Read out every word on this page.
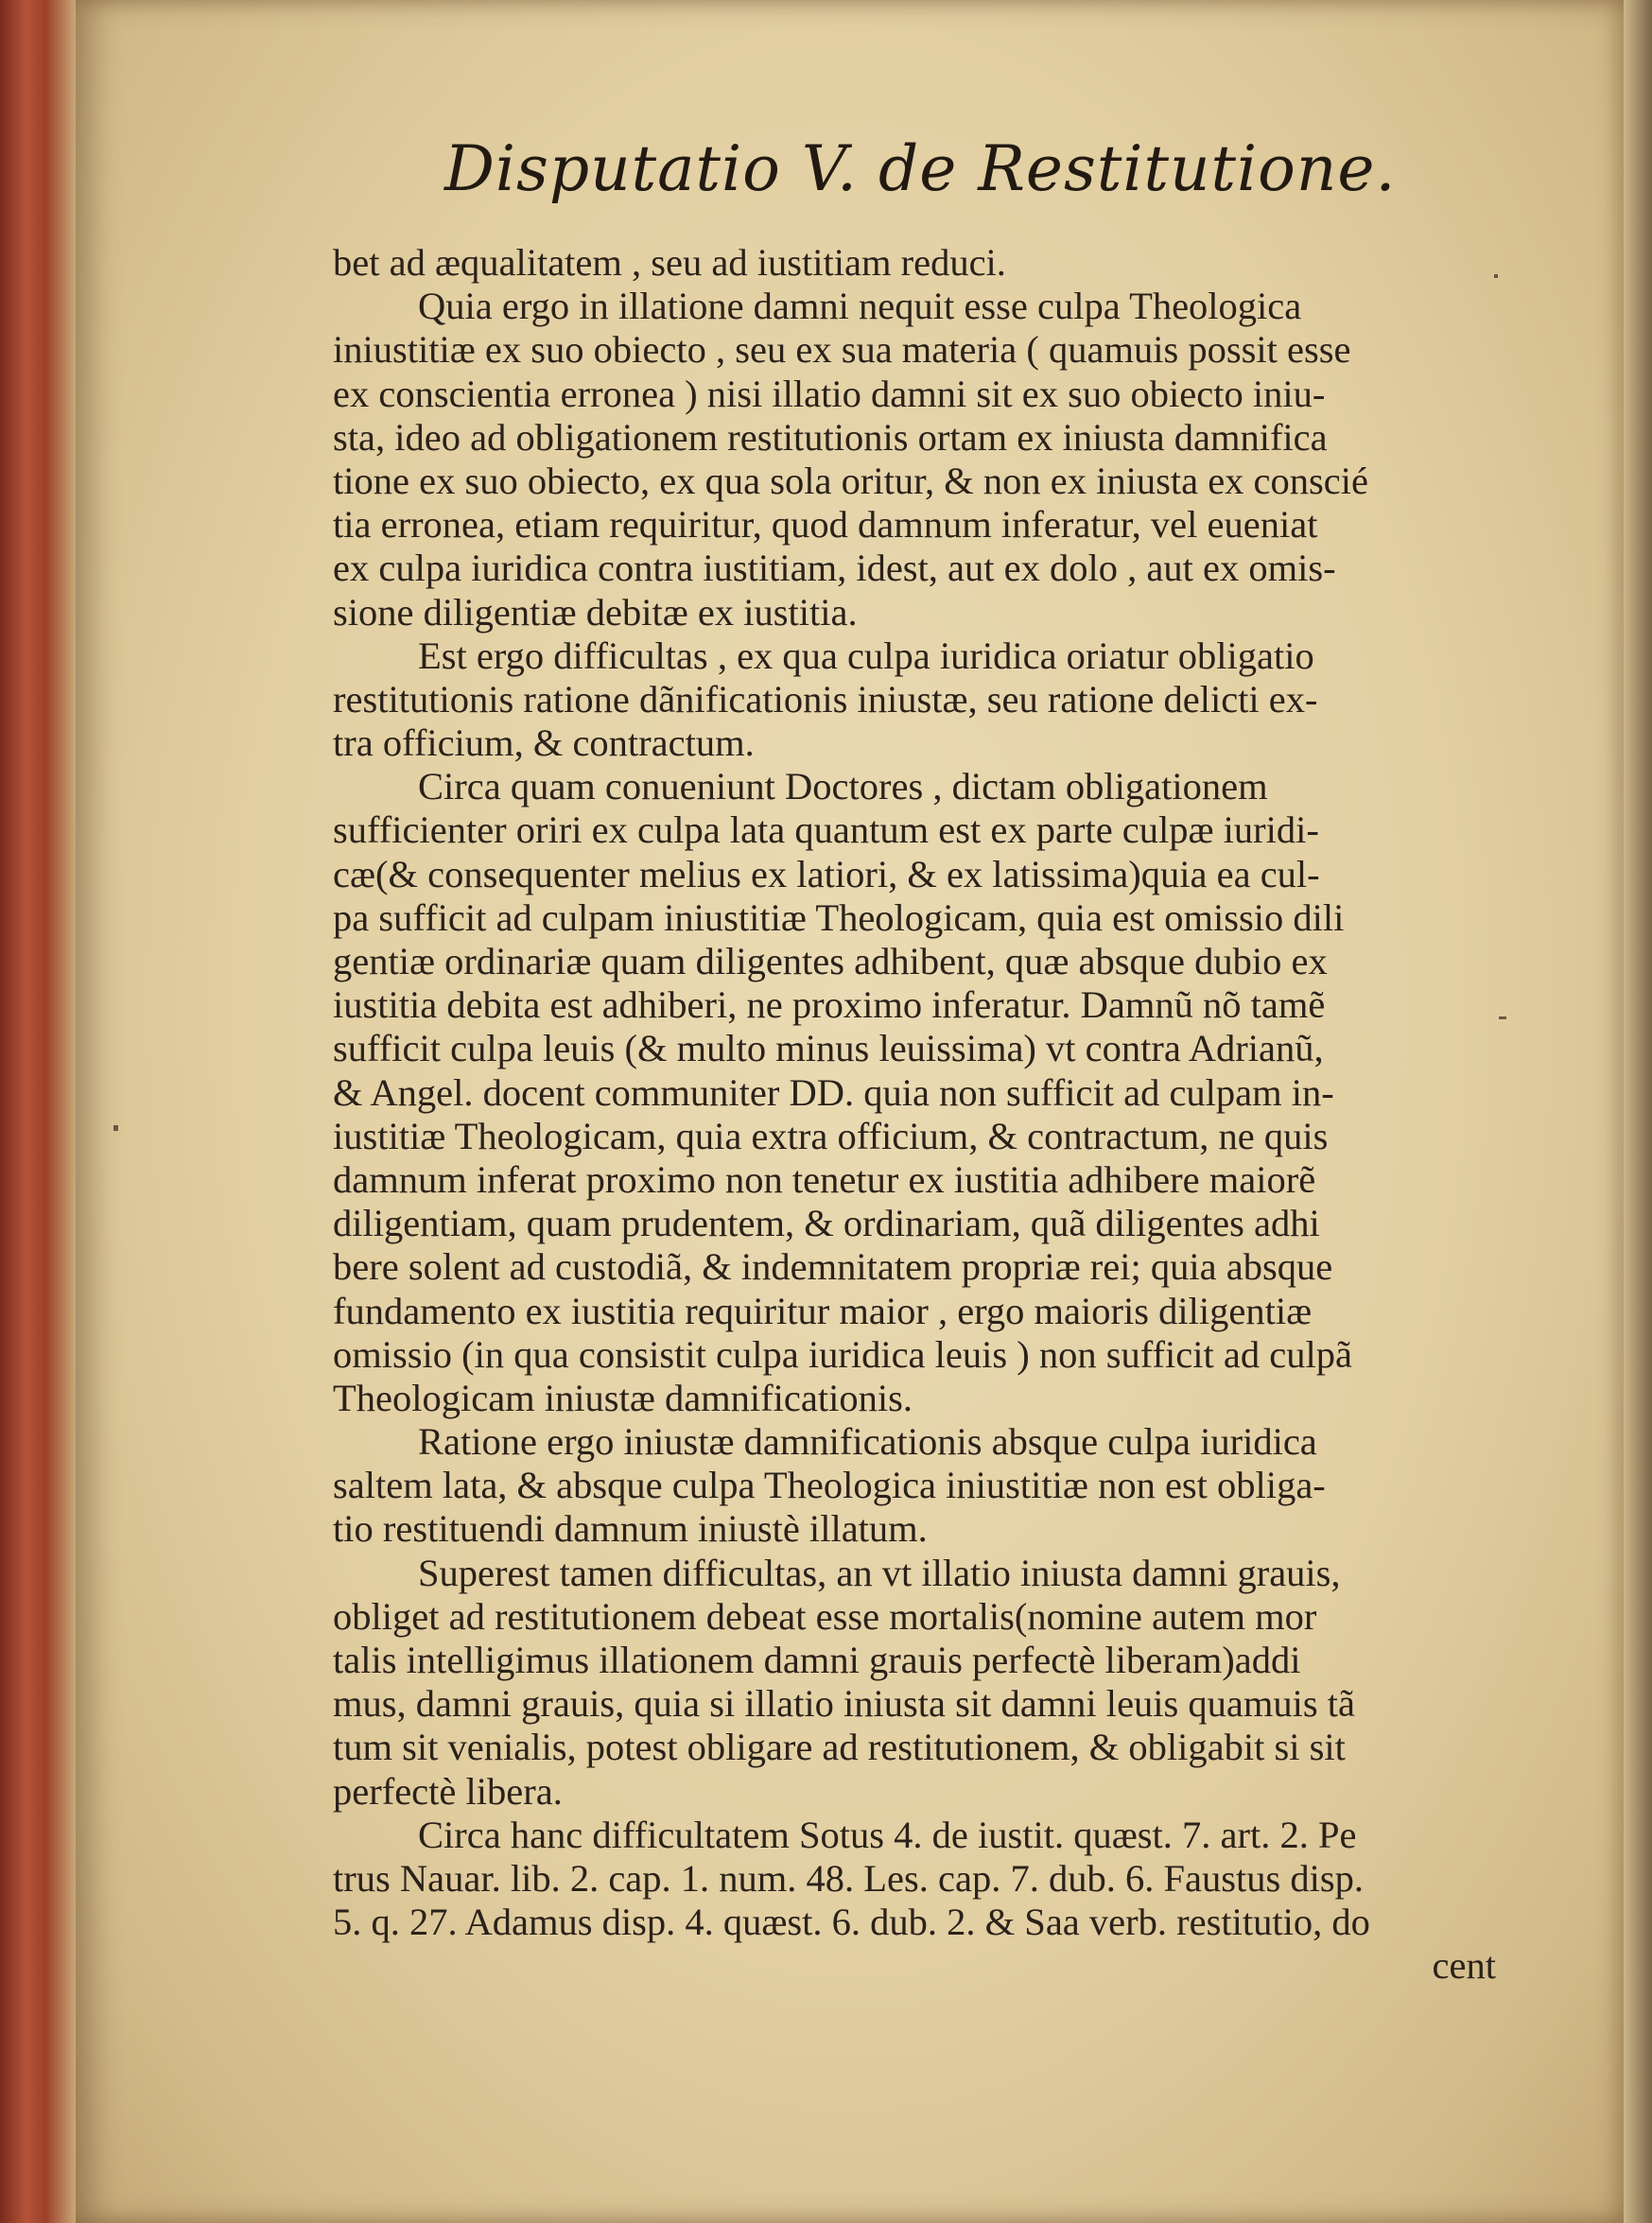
Disputatio V. de Restitutione.
bet ad æqualitatem , seu ad iustitiam reduci.
Quia ergo in illatione damni nequit esse culpa Theologica
iniustitiæ ex suo obiecto , seu ex sua materia ( quamuis possit esse
ex conscientia erronea ) nisi illatio damni sit ex suo obiecto iniu-
sta, ideo ad obligationem restitutionis ortam ex iniusta damnifica
tione ex suo obiecto, ex qua sola oritur, & non ex iniusta ex conscié
tia erronea, etiam requiritur, quod damnum inferatur, vel eueniat
ex culpa iuridica contra iustitiam, idest, aut ex dolo , aut ex omis-
sione diligentiæ debitæ ex iustitia.
Est ergo difficultas , ex qua culpa iuridica oriatur obligatio
restitutionis ratione dãnificationis iniustæ, seu ratione delicti ex-
tra officium, & contractum.
Circa quam conueniunt Doctores , dictam obligationem
sufficienter oriri ex culpa lata quantum est ex parte culpæ iuridi-
cæ(& consequenter melius ex latiori, & ex latissima)quia ea cul-
pa sufficit ad culpam iniustitiæ Theologicam, quia est omissio dili
gentiæ ordinariæ quam diligentes adhibent, quæ absque dubio ex
iustitia debita est adhiberi, ne proximo inferatur. Damnũ nõ tamẽ
sufficit culpa leuis (& multo minus leuissima) vt contra Adrianũ,
& Angel. docent communiter DD. quia non sufficit ad culpam in-
iustitiæ Theologicam, quia extra officium, & contractum, ne quis
damnum inferat proximo non tenetur ex iustitia adhibere maiorẽ
diligentiam, quam prudentem, & ordinariam, quã diligentes adhi
bere solent ad custodiã, & indemnitatem propriæ rei; quia absque
fundamento ex iustitia requiritur maior , ergo maioris diligentiæ
omissio (in qua consistit culpa iuridica leuis ) non sufficit ad culpã
Theologicam iniustæ damnificationis.
Ratione ergo iniustæ damnificationis absque culpa iuridica
saltem lata, & absque culpa Theologica iniustitiæ non est obliga-
tio restituendi damnum iniustè illatum.
Superest tamen difficultas, an vt illatio iniusta damni grauis,
obliget ad restitutionem debeat esse mortalis(nomine autem mor
talis intelligimus illationem damni grauis perfectè liberam)addi
mus, damni grauis, quia si illatio iniusta sit damni leuis quamuis tã
tum sit venialis, potest obligare ad restitutionem, & obligabit si sit
perfectè libera.
Circa hanc difficultatem Sotus 4. de iustit. quæst. 7. art. 2. Pe
trus Nauar. lib. 2. cap. 1. num. 48. Les. cap. 7. dub. 6. Faustus disp.
5. q. 27. Adamus disp. 4. quæst. 6. dub. 2. & Saa verb. restitutio, do
cent
